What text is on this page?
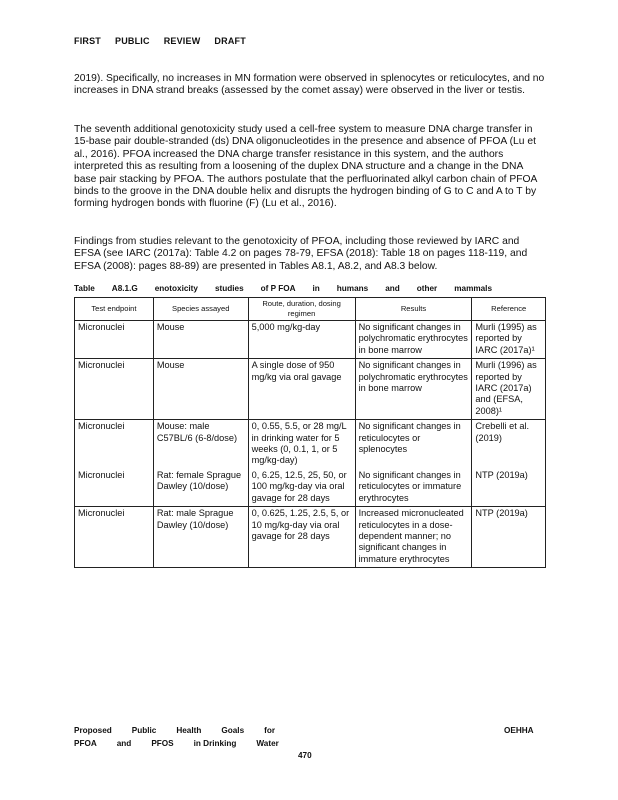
FIRST PUBLIC REVIEW DRAFT
2019). Specifically, no increases in MN formation were observed in splenocytes or reticulocytes, and no increases in DNA strand breaks (assessed by the comet assay) were observed in the liver or testis.
The seventh additional genotoxicity study used a cell-free system to measure DNA charge transfer in 15-base pair double-stranded (ds) DNA oligonucleotides in the presence and absence of PFOA (Lu et al., 2016). PFOA increased the DNA charge transfer resistance in this system, and the authors interpreted this as resulting from a loosening of the duplex DNA structure and a change in the DNA base pair stacking by PFOA. The authors postulate that the perfluorinated alkyl carbon chain of PFOA binds to the groove in the DNA double helix and disrupts the hydrogen binding of G to C and A to T by forming hydrogen bonds with fluorine (F) (Lu et al., 2016).
Findings from studies relevant to the genotoxicity of PFOA, including those reviewed by IARC and EFSA (see IARC (2017a): Table 4.2 on pages 78-79, EFSA (2018): Table 18 on pages 118-119, and EFSA (2008): pages 88-89) are presented in Tables A8.1, A8.2, and A8.3 below.
Table A8.1.G enotoxicity studies of P FOA in humans and other mammals
Test endpoint	Species assayed	Route, duration, dosing regimen	Results	Reference
Micronuclei	Mouse	5,000 mg/kg-day	No significant changes in polychromatic erythrocytes in bone marrow	Murli (1995) as reported by IARC (2017a)¹
Micronuclei	Mouse	A single dose of 950 mg/kg via oral gavage	No significant changes in polychromatic erythrocytes in bone marrow	Murli (1996) as reported by IARC (2017a) and (EFSA, 2008)¹
Micronuclei	Mouse: male C57BL/6 (6-8/dose)	0, 0.55, 5.5, or 28 mg/L in drinking water for 5 weeks (0, 0.1, 1, or 5 mg/kg-day)	No significant changes in reticulocytes or splenocytes	Crebelli et al. (2019)
Micronuclei	Rat: female Sprague Dawley (10/dose)	0, 6.25, 12.5, 25, 50, or 100 mg/kg-day via oral gavage for 28 days	No significant changes in reticulocytes or immature erythrocytes	NTP (2019a)
Micronuclei	Rat: male Sprague Dawley (10/dose)	0, 0.625, 1.25, 2.5, 5, or 10 mg/kg-day via oral gavage for 28 days	Increased micronucleated reticulocytes in a dose-dependent manner; no significant changes in immature erythrocytes	NTP (2019a)
Proposed Public Health Goals for
PFOA and PFOS in Drinking Water
OEHHA
470
